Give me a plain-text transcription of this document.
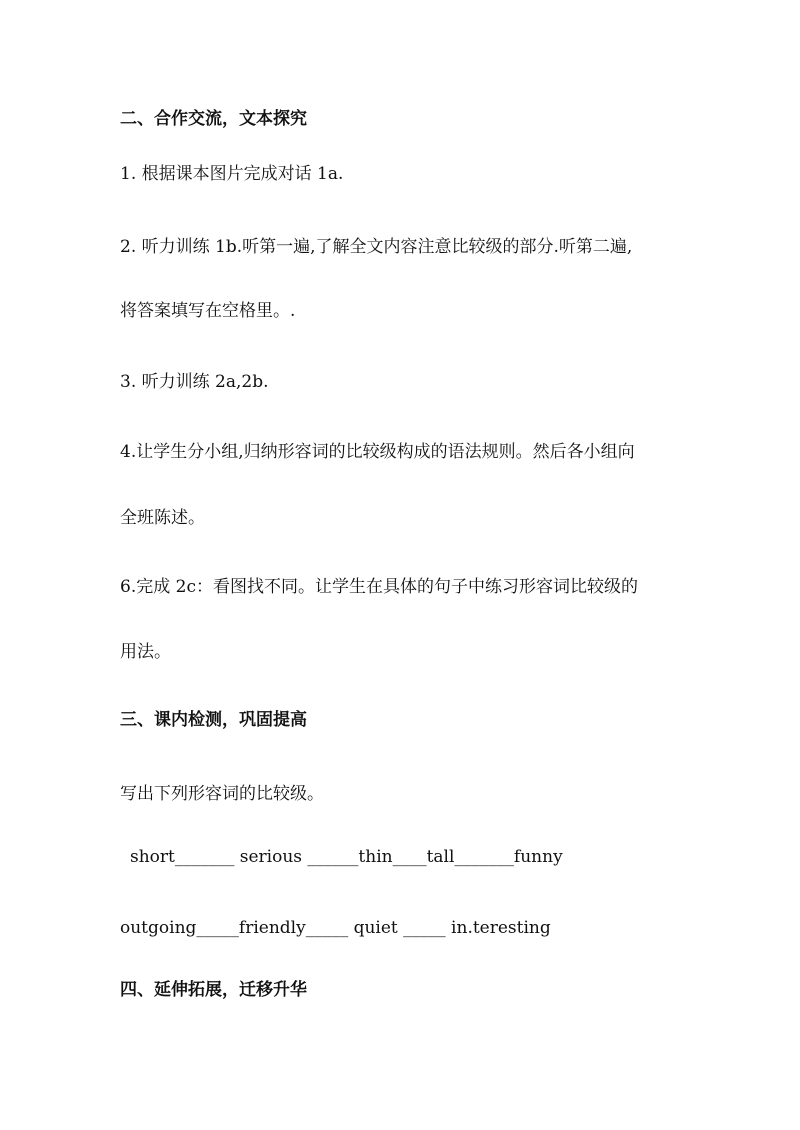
二、合作交流，文本探究
1. 根据课本图片完成对话 1a.
2. 听力训练 1b.听第一遍,了解全文内容注意比较级的部分.听第二遍,
将答案填写在空格里。.
3. 听力训练 2a,2b.
4.让学生分小组,归纳形容词的比较级构成的语法规则。然后各小组向
全班陈述。
6.完成 2c：看图找不同。让学生在具体的句子中练习形容词比较级的
用法。
三、课内检测，巩固提高
写出下列形容词的比较级。
short_______ serious ______thin____tall_______funny
outgoing_____friendly_____ quiet _____ in.teresting
四、延伸拓展，迁移升华
